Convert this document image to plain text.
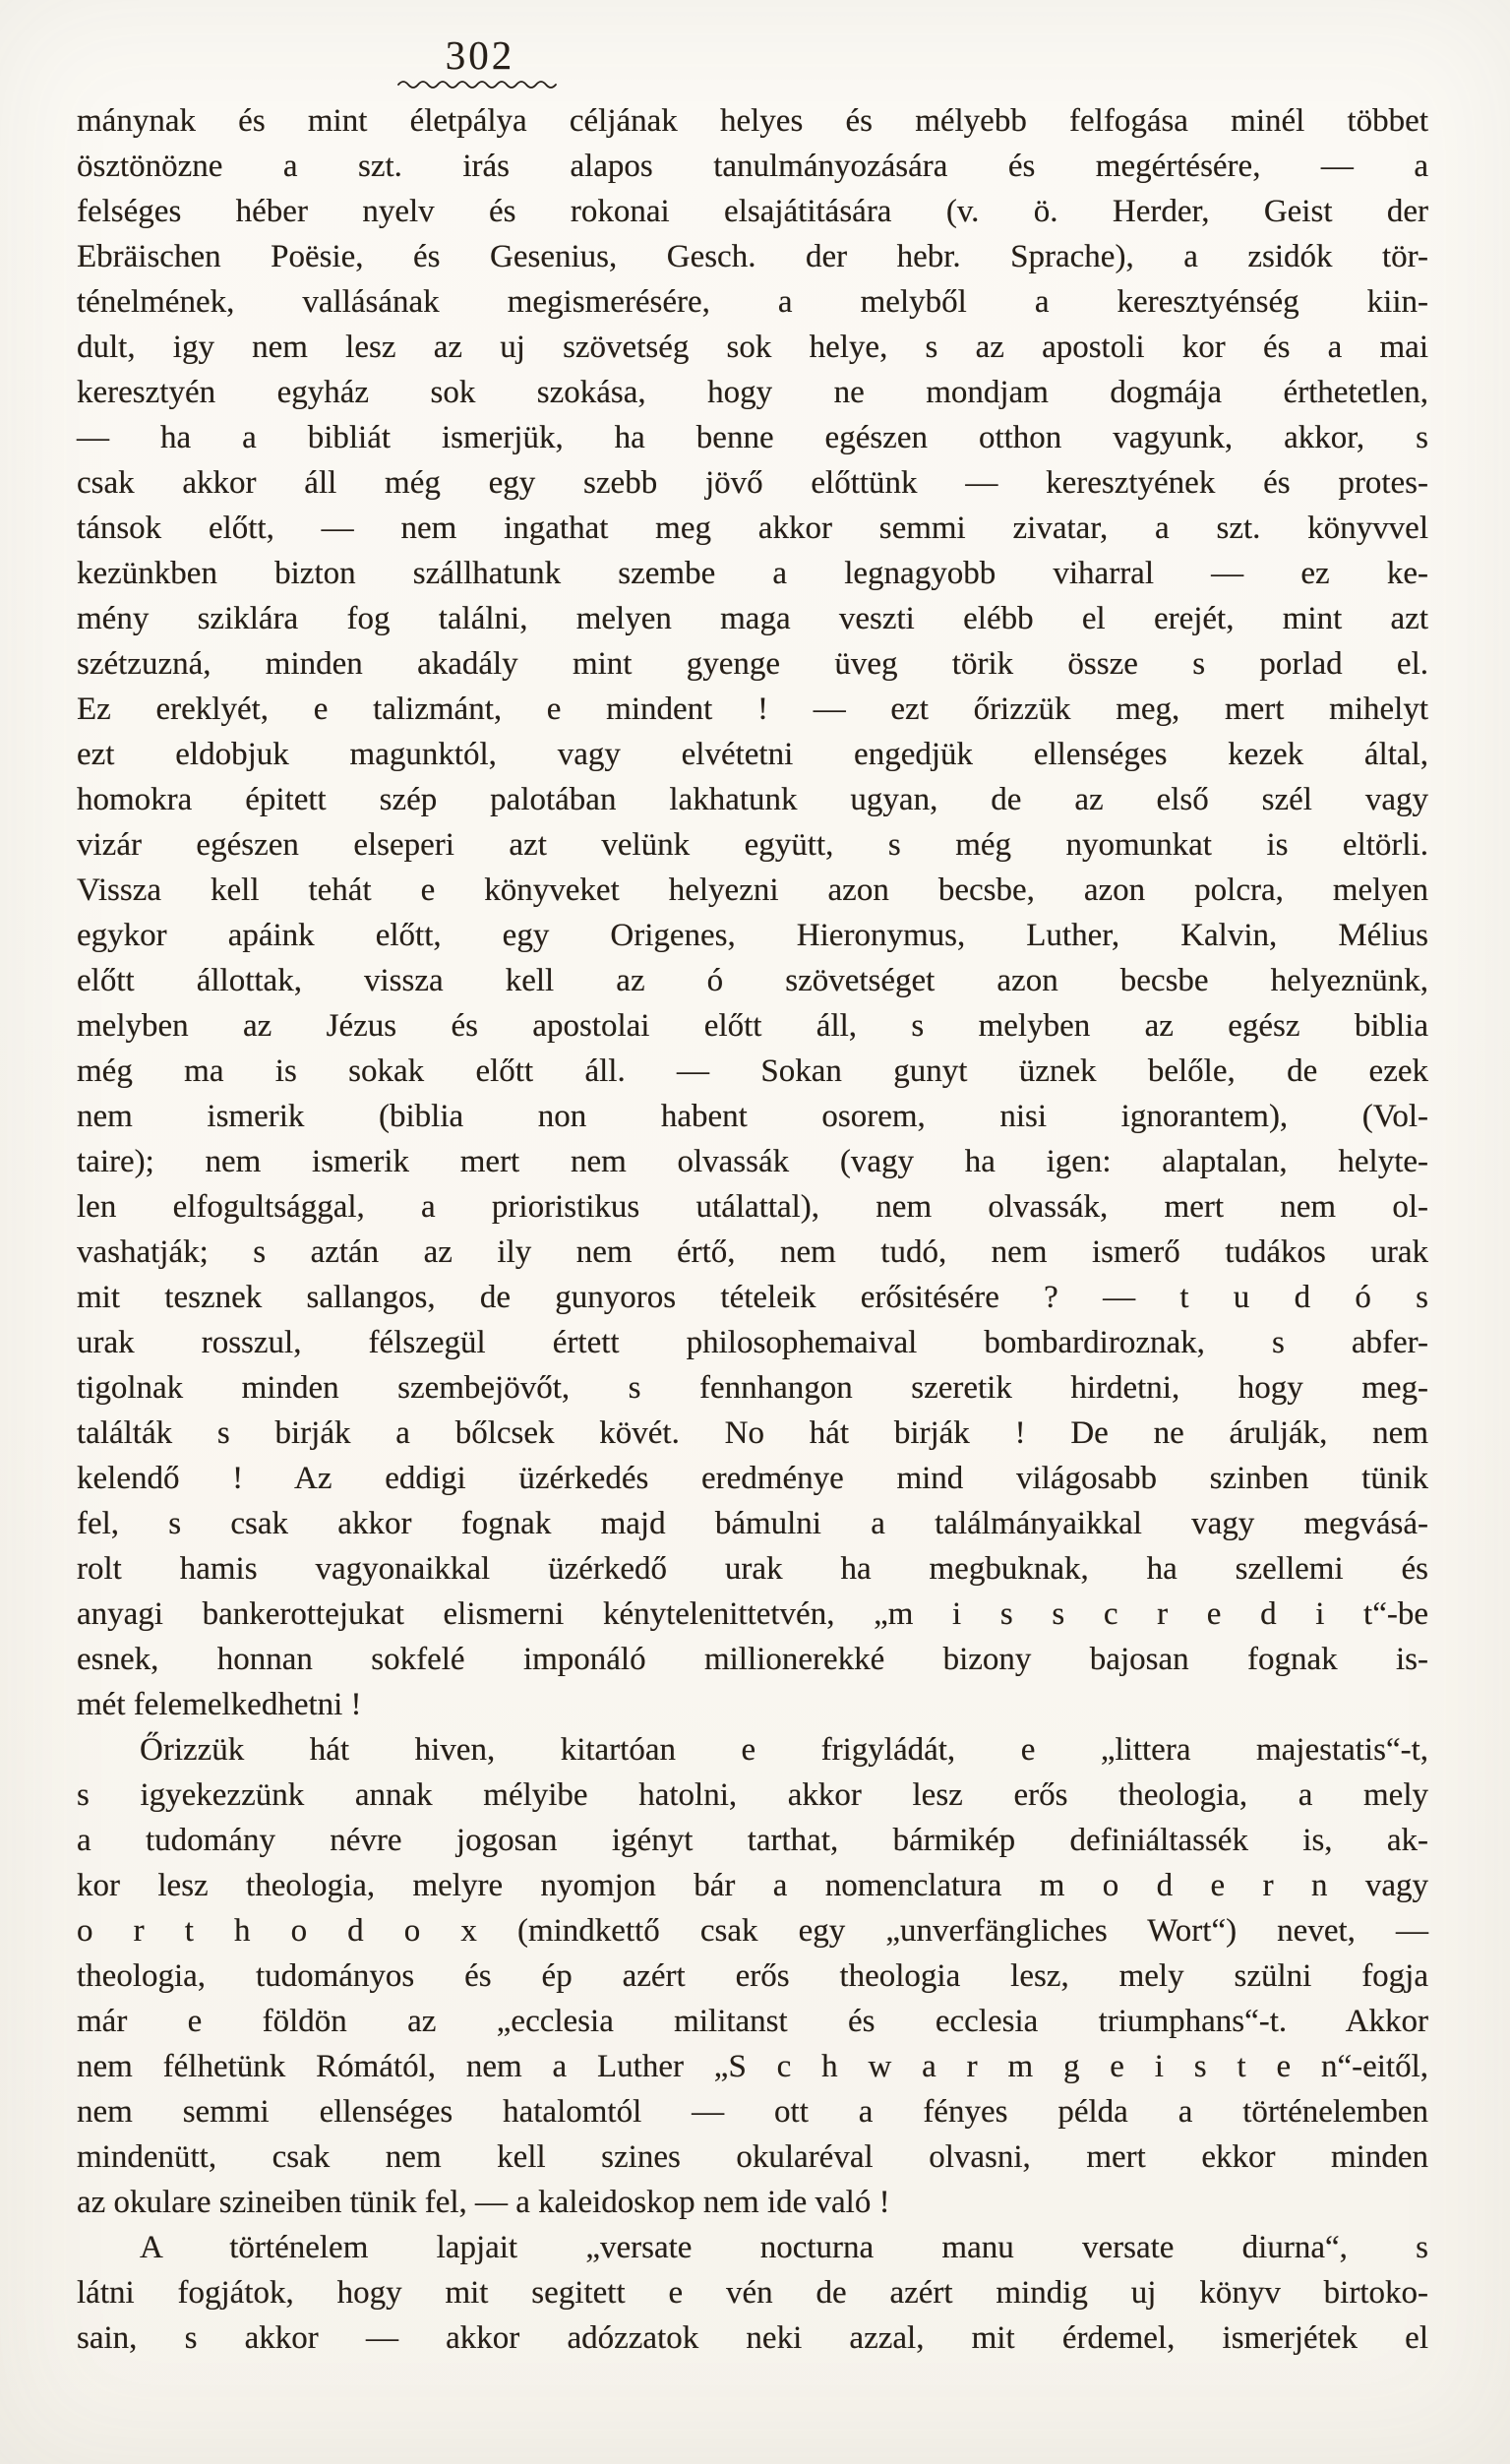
302
mánynak és mint életpálya céljának helyes és mélyebb felfogása minél többet
ösztönözne a szt. irás alapos tanulmányozására és megértésére, — a
felséges héber nyelv és rokonai elsajátitására (v. ö. Herder, Geist der
Ebräischen Poësie, és Gesenius, Gesch. der hebr. Sprache), a zsidók tör-
ténelmének, vallásának megismerésére, a melyből a keresztyénség kiin-
dult, igy nem lesz az uj szövetség sok helye, s az apostoli kor és a mai
keresztyén egyház sok szokása, hogy ne mondjam dogmája érthetetlen,
— ha a bibliát ismerjük, ha benne egészen otthon vagyunk, akkor, s
csak akkor áll még egy szebb jövő előttünk — keresztyének és protes-
tánsok előtt, — nem ingathat meg akkor semmi zivatar, a szt. könyvvel
kezünkben bizton szállhatunk szembe a legnagyobb viharral — ez ke-
mény sziklára fog találni, melyen maga veszti elébb el erejét, mint azt
szétzuzná, minden akadály mint gyenge üveg törik össze s porlad el.
Ez ereklyét, e talizmánt, e mindent ! — ezt őrizzük meg, mert mihelyt
ezt eldobjuk magunktól, vagy elvétetni engedjük ellenséges kezek által,
homokra épitett szép palotában lakhatunk ugyan, de az első szél vagy
vizár egészen elseperi azt velünk együtt, s még nyomunkat is eltörli.
Vissza kell tehát e könyveket helyezni azon becsbe, azon polcra, melyen
egykor apáink előtt, egy Origenes, Hieronymus, Luther, Kalvin, Mélius
előtt állottak, vissza kell az ó szövetséget azon becsbe helyeznünk,
melyben az Jézus és apostolai előtt áll, s melyben az egész biblia
még ma is sokak előtt áll. — Sokan gunyt üznek belőle, de ezek
nem ismerik (biblia non habent osorem, nisi ignorantem), (Vol-
taire); nem ismerik mert nem olvassák (vagy ha igen: alaptalan, helyte-
len elfogultsággal, a prioristikus utálattal), nem olvassák, mert nem ol-
vashatják; s aztán az ily nem értő, nem tudó, nem ismerő tudákos urak
mit tesznek sallangos, de gunyoros tételeik erősitésére ? — t u d ó s
urak rosszul, félszegül értett philosophemaival bombardiroznak, s abfer-
tigolnak minden szembejövőt, s fennhangon szeretik hirdetni, hogy meg-
találták s birják a bőlcsek kövét. No hát birják ! De ne árulják, nem
kelendő ! Az eddigi üzérkedés eredménye mind világosabb szinben tünik
fel, s csak akkor fognak majd bámulni a találmányaikkal vagy megvásá-
rolt hamis vagyonaikkal üzérkedő urak ha megbuknak, ha szellemi és
anyagi bankerottejukat elismerni kénytelenittetvén, „m i s s c r e d i t“-be
esnek, honnan sokfelé imponáló millionerekké bizony bajosan fognak is-
mét felemelkedhetni !
Őrizzük hát hiven, kitartóan e frigyládát, e „littera majestatis“-t,
s igyekezzünk annak mélyibe hatolni, akkor lesz erős theologia, a mely
a tudomány névre jogosan igényt tarthat, bármikép definiáltassék is, ak-
kor lesz theologia, melyre nyomjon bár a nomenclatura m o d e r n vagy
o r t h o d o x (mindkettő csak egy „unverfängliches Wort“) nevet, —
theologia, tudományos és ép azért erős theologia lesz, mely szülni fogja
már e földön az „ecclesia militanst és ecclesia triumphans“-t. Akkor
nem félhetünk Rómától, nem a Luther „S c h w a r m g e i s t e n“-eitől,
nem semmi ellenséges hatalomtól — ott a fényes példa a történelemben
mindenütt, csak nem kell szines okularéval olvasni, mert ekkor minden
az okulare szineiben tünik fel, — a kaleidoskop nem ide való !
A történelem lapjait „versate nocturna manu versate diurna“, s
látni fogjátok, hogy mit segitett e vén de azért mindig uj könyv birtoko-
sain, s akkor — akkor adózzatok neki azzal, mit érdemel, ismerjétek el
